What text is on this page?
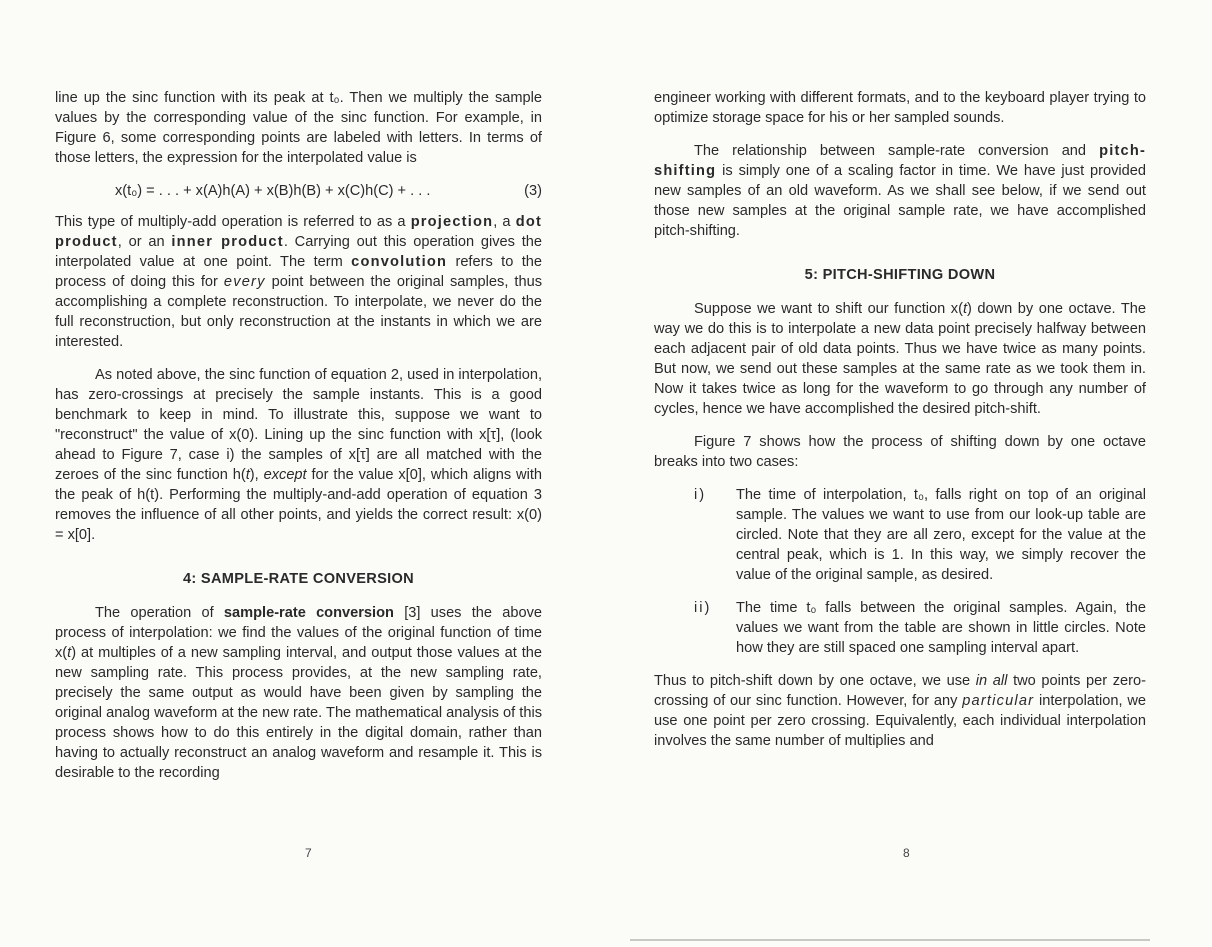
line up the sinc function with its peak at t₀. Then we multiply the sample values by the corresponding value of the sinc function. For example, in Figure 6, some corresponding points are labeled with letters. In terms of those letters, the expression for the interpolated value is

x(t₀) = . . . + x(A)h(A) + x(B)h(B) + x(C)h(C) + . . .	(3)

This type of multiply-add operation is referred to as a projection, a dot product, or an inner product. Carrying out this operation gives the interpolated value at one point. The term convolution refers to the process of doing this for every point between the original samples, thus accomplishing a complete reconstruction. To interpolate, we never do the full reconstruction, but only reconstruction at the instants in which we are interested.

As noted above, the sinc function of equation 2, used in interpolation, has zero-crossings at precisely the sample instants. This is a good benchmark to keep in mind. To illustrate this, suppose we want to "reconstruct" the value of x(0). Lining up the sinc function with x[τ], (look ahead to Figure 7, case i) the samples of x[τ] are all matched with the zeroes of the sinc function h(t), except for the value x[0], which aligns with the peak of h(t). Performing the multiply-and-add operation of equation 3 removes the influence of all other points, and yields the correct result: x(0) = x[0].

4: SAMPLE-RATE CONVERSION

The operation of sample-rate conversion [3] uses the above process of interpolation: we find the values of the original function of time x(t) at multiples of a new sampling interval, and output those values at the new sampling rate. This process provides, at the new sampling rate, precisely the same output as would have been given by sampling the original analog waveform at the new rate. The mathematical analysis of this process shows how to do this entirely in the digital domain, rather than having to actually reconstruct an analog waveform and resample it. This is desirable to the recording

7

engineer working with different formats, and to the keyboard player trying to optimize storage space for his or her sampled sounds.

The relationship between sample-rate conversion and pitch-shifting is simply one of a scaling factor in time. We have just provided new samples of an old waveform. As we shall see below, if we send out those new samples at the original sample rate, we have accomplished pitch-shifting.

5: PITCH-SHIFTING DOWN

Suppose we want to shift our function x(t) down by one octave. The way we do this is to interpolate a new data point precisely halfway between each adjacent pair of old data points. Thus we have twice as many points. But now, we send out these samples at the same rate as we took them in. Now it takes twice as long for the waveform to go through any number of cycles, hence we have accomplished the desired pitch-shift.

Figure 7 shows how the process of shifting down by one octave breaks into two cases:

i)	The time of interpolation, t₀, falls right on top of an original sample. The values we want to use from our look-up table are circled. Note that they are all zero, except for the value at the central peak, which is 1. In this way, we simply recover the value of the original sample, as desired.
ii)	The time t₀ falls between the original samples. Again, the values we want from the table are shown in little circles. Note how they are still spaced one sampling interval apart.

Thus to pitch-shift down by one octave, we use in all two points per zero-crossing of our sinc function. However, for any particular interpolation, we use one point per zero crossing. Equivalently, each individual interpolation involves the same number of multiplies and

8
